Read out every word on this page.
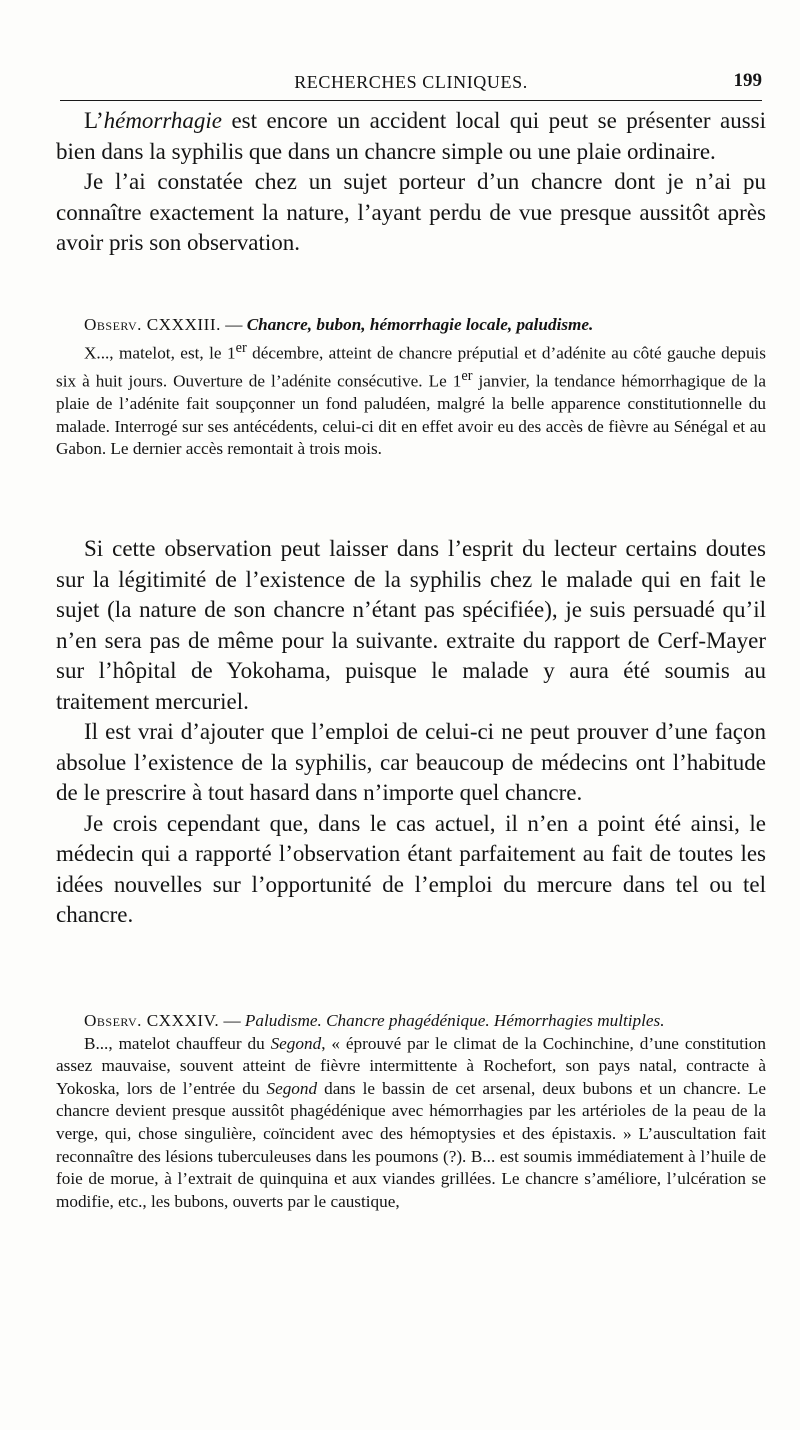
RECHERCHES CLINIQUES.	199

L’hémorrhagie est encore un accident local qui peut se présenter aussi bien dans la syphilis que dans un chancre simple ou une plaie ordinaire.

Je l’ai constatée chez un sujet porteur d’un chancre dont je n’ai pu connaître exactement la nature, l’ayant perdu de vue presque aussitôt après avoir pris son observation.

Observ. CXXXIII. — Chancre, bubon, hémorrhagie locale, paludisme.

X..., matelot, est, le 1er décembre, atteint de chancre préputial et d’adénite au côté gauche depuis six à huit jours. Ouverture de l’adénite consécutive. Le 1er janvier, la tendance hémorrhagique de la plaie de l’adénite fait soupçonner un fond paludéen, malgré la belle apparence constitutionnelle du malade. Interrogé sur ses antécédents, celui-ci dit en effet avoir eu des accès de fièvre au Sénégal et au Gabon. Le dernier accès remontait à trois mois.

Si cette observation peut laisser dans l’esprit du lecteur certains doutes sur la légitimité de l’existence de la syphilis chez le malade qui en fait le sujet (la nature de son chancre n’étant pas spécifiée), je suis persuadé qu’il n’en sera pas de même pour la suivante. extraite du rapport de Cerf-Mayer sur l’hôpital de Yokohama, puisque le malade y aura été soumis au traitement mercuriel.

Il est vrai d’ajouter que l’emploi de celui-ci ne peut prouver d’une façon absolue l’existence de la syphilis, car beaucoup de médecins ont l’habitude de le prescrire à tout hasard dans n’importe quel chancre.

Je crois cependant que, dans le cas actuel, il n’en a point été ainsi, le médecin qui a rapporté l’observation étant parfaitement au fait de toutes les idées nouvelles sur l’opportunité de l’emploi du mercure dans tel ou tel chancre.

Observ. CXXXIV. — Paludisme. Chancre phagédénique. Hémorrhagies multiples.

B..., matelot chauffeur du Segond, « éprouvé par le climat de la Cochinchine, d’une constitution assez mauvaise, souvent atteint de fièvre intermittente à Rochefort, son pays natal, contracte à Yokoska, lors de l’entrée du Segond dans le bassin de cet arsenal, deux bubons et un chancre. Le chancre devient presque aussitôt phagédénique avec hémorrhagies par les artérioles de la peau de la verge, qui, chose singulière, coïncident avec des hémoptysies et des épistaxis. » L’auscultation fait reconnaître des lésions tuberculeuses dans les poumons (?). B... est soumis immédiatement à l’huile de foie de morue, à l’extrait de quinquina et aux viandes grillées. Le chancre s’améliore, l’ulcération se modifie, etc., les bubons, ouverts par le caustique,
